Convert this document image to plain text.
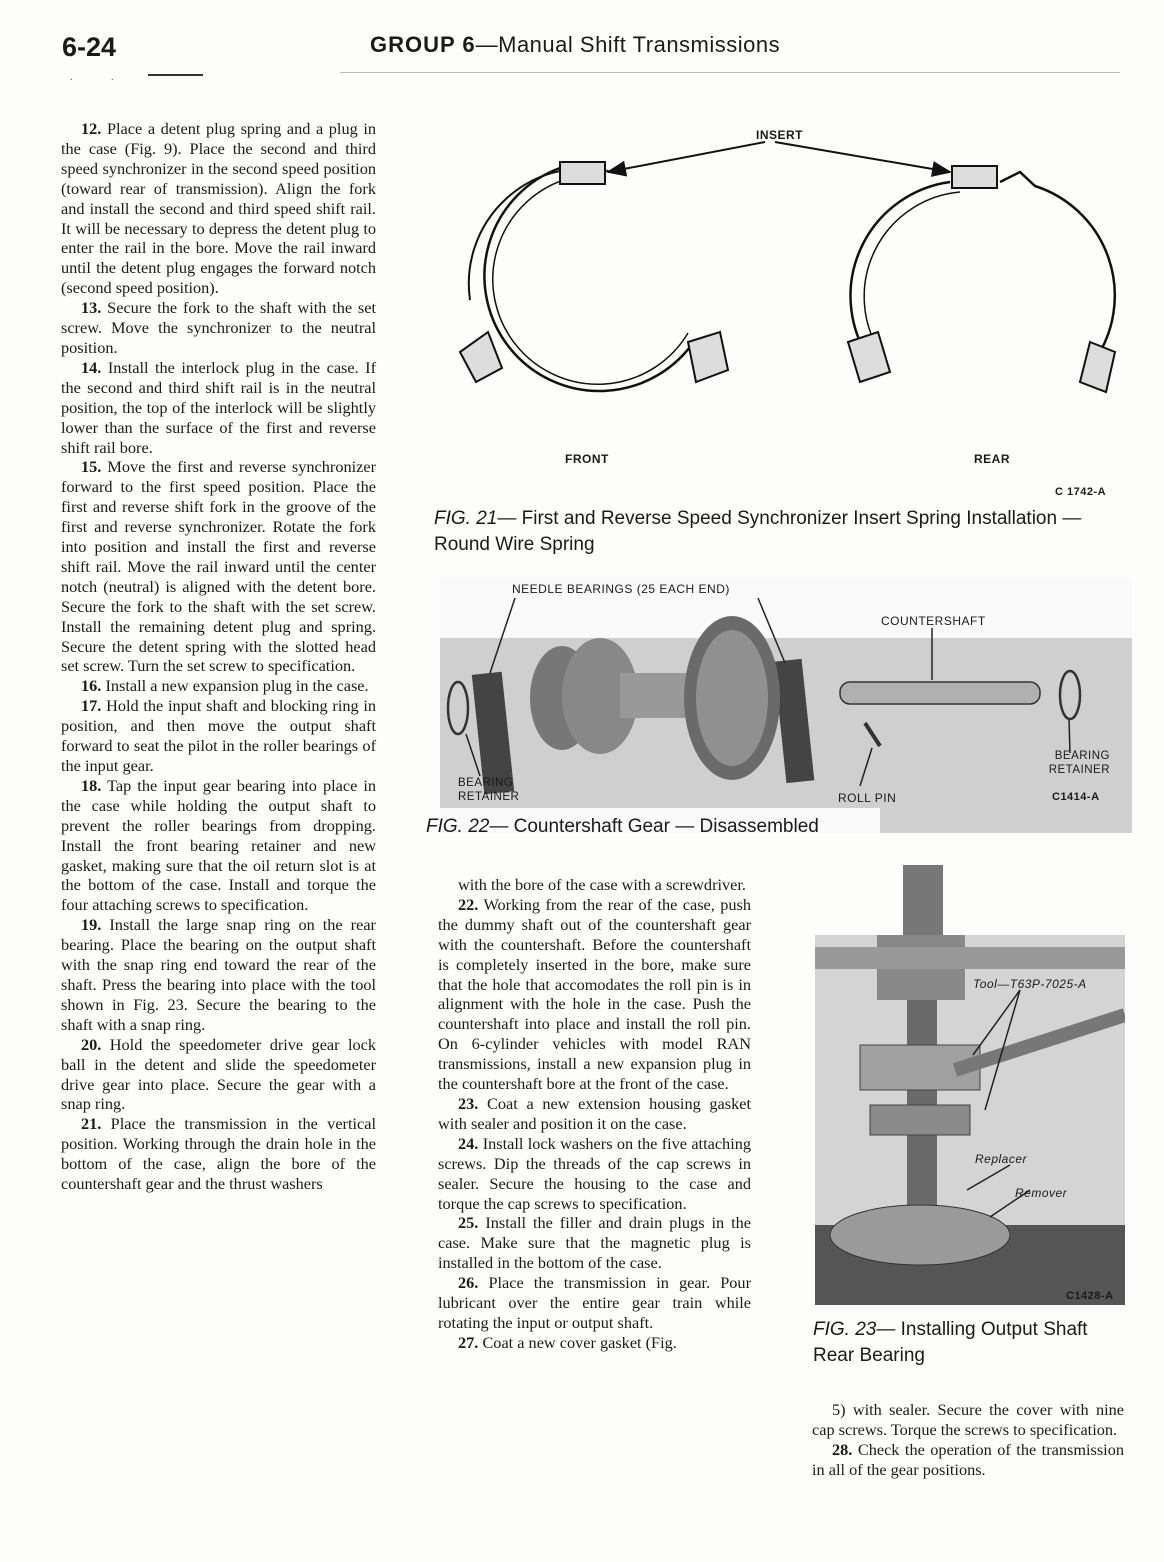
6-24	GROUP 6—Manual Shift Transmissions
. .

12. Place a detent plug spring and a plug in the case (Fig. 9). Place the second and third speed synchronizer in the second speed position (toward rear of transmission). Align the fork and install the second and third speed shift rail. It will be necessary to depress the detent plug to enter the rail in the bore. Move the rail inward until the detent plug engages the forward notch (second speed position).

13. Secure the fork to the shaft with the set screw. Move the synchronizer to the neutral position.

14. Install the interlock plug in the case. If the second and third shift rail is in the neutral position, the top of the interlock will be slightly lower than the surface of the first and reverse shift rail bore.

15. Move the first and reverse synchronizer forward to the first speed position. Place the first and reverse shift fork in the groove of the first and reverse synchronizer. Rotate the fork into position and install the first and reverse shift rail. Move the rail inward until the center notch (neutral) is aligned with the detent bore. Secure the fork to the shaft with the set screw. Install the remaining detent plug and spring. Secure the detent spring with the slotted head set screw. Turn the set screw to specification.

16. Install a new expansion plug in the case.

17. Hold the input shaft and blocking ring in position, and then move the output shaft forward to seat the pilot in the roller bearings of the input gear.

18. Tap the input gear bearing into place in the case while holding the output shaft to prevent the roller bearings from dropping. Install the front bearing retainer and new gasket, making sure that the oil return slot is at the bottom of the case. Install and torque the four attaching screws to specification.

19. Install the large snap ring on the rear bearing. Place the bearing on the output shaft with the snap ring end toward the rear of the shaft. Press the bearing into place with the tool shown in Fig. 23. Secure the bearing to the shaft with a snap ring.

20. Hold the speedometer drive gear lock ball in the detent and slide the speedometer drive gear into place. Secure the gear with a snap ring.

21. Place the transmission in the vertical position. Working through the drain hole in the bottom of the case, align the bore of the countershaft gear and the thrust washers

INSERT
FRONT	REAR
C 1742-A
FIG. 21— First and Reverse Speed Synchronizer Insert Spring Installation — Round Wire Spring
NEEDLE BEARINGS (25 EACH END)
COUNTERSHAFT
BEARING RETAINER
BEARING RETAINER
ROLL PIN	C1414-A
FIG. 22— Countershaft Gear — Disassembled

with the bore of the case with a screwdriver.

22. Working from the rear of the case, push the dummy shaft out of the countershaft gear with the countershaft. Before the countershaft is completely inserted in the bore, make sure that the hole that accomodates the roll pin is in alignment with the hole in the case. Push the countershaft into place and install the roll pin. On 6-cylinder vehicles with model RAN transmissions, install a new expansion plug in the countershaft bore at the front of the case.

23. Coat a new extension housing gasket with sealer and position it on the case.

24. Install lock washers on the five attaching screws. Dip the threads of the cap screws in sealer. Secure the housing to the case and torque the cap screws to specification.

25. Install the filler and drain plugs in the case. Make sure that the magnetic plug is installed in the bottom of the case.

26. Place the transmission in gear. Pour lubricant over the entire gear train while rotating the input or output shaft.

27. Coat a new cover gasket (Fig.

Tool—T63P-7025-A
Replacer
Remover
C1428-A
FIG. 23— Installing Output Shaft Rear Bearing

5) with sealer. Secure the cover with nine cap screws. Torque the screws to specification.

28. Check the operation of the transmission in all of the gear positions.
